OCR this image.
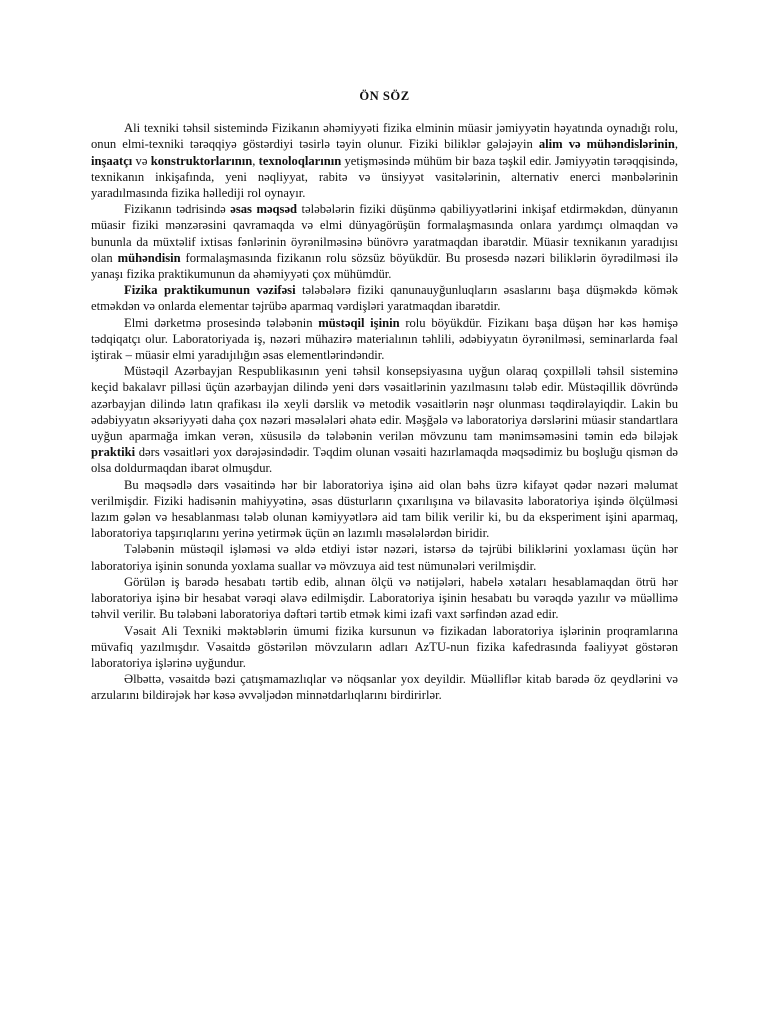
ÖN SÖZ

Ali texniki təhsil sistemində Fizikanın əhəmiyyəti fizika elminin müasir jəmiyyətin həyatında oynadığı rolu, onun elmi-texniki tərəqqiyə göstərdiyi təsirlə təyin olunur. Fiziki biliklər gələjəyin alim və mühəndislərinin, inşaatçı və konstruktorlarının, texnoloqlarının yetişməsində mühüm bir baza təşkil edir. Jəmiyyətin tərəqqisində, texnikanın inkişafında, yeni nəqliyyat, rabitə və ünsiyyət vasitələrinin, alternativ enerci mənbələrinin yaradılmasında fizika həllediji rol oynayır.

Fizikanın tədrisində əsas məqsəd tələbələrin fiziki düşünmə qabiliyyətlərini inkişaf etdirməkdən, dünyanın müasir fiziki mənzərəsini qavramaqda və elmi dünyagörüşün formalaşmasında onlara yardımçı olmaqdan və bununla da müxtəlif ixtisas fənlərinin öyrənilməsinə bünövrə yaratmaqdan ibarətdir. Müasir texnikanın yaradıjısı olan mühəndisin formalaşmasında fizikanın rolu sözsüz böyükdür. Bu prosesdə nəzəri biliklərin öyrədilməsi ilə yanaşı fizika praktikumunun da əhəmiyyəti çox mühümdür.

Fizika praktikumunun vəzifəsi tələbələrə fiziki qanunauyğunluqların əsaslarını başa düşməkdə kömək etməkdən və onlarda elementar təjrübə aparmaq vərdişləri yaratmaqdan ibarətdir.

Elmi dərketmə prosesində tələbənin müstəqil işinin rolu böyükdür. Fizikanı başa düşən hər kəs həmişə tədqiqatçı olur. Laboratoriyada iş, nəzəri mühazirə materialının təhlili, ədəbiyyatın öyrənilməsi, seminarlarda fəal iştirak – müasir elmi yaradıjılığın əsas elementlərindəndir.

Müstəqil Azərbayjan Respublikasının yeni təhsil konsepsiyasına uyğun olaraq çoxpilləli təhsil sisteminə keçid bakalavr pilləsi üçün azərbayjan dilində yeni dərs vəsaitlərinin yazılmasını tələb edir. Müstəqillik dövründə azərbayjan dilində latın qrafikası ilə xeyli dərslik və metodik vəsaitlərin nəşr olunması təqdirəlayiqdir. Lakin bu ədəbiyyatın əksəriyyəti daha çox nəzəri məsələləri əhatə edir. Məşğələ və laboratoriya dərslərini müasir standartlara uyğun aparmağa imkan verən, xüsusilə də tələbənin verilən mövzunu tam mənimsəməsini təmin edə biləjək praktiki dərs vəsaitləri yox dərəjəsindədir. Təqdim olunan vəsaiti hazırlamaqda məqsədimiz bu boşluğu qismən də olsa doldurmaqdan ibarət olmuşdur.

Bu məqsədlə dərs vəsaitində hər bir laboratoriya işinə aid olan bəhs üzrə kifayət qədər nəzəri məlumat verilmişdir. Fiziki hadisənin mahiyyətinə, əsas düsturların çıxarılışına və bilavasitə laboratoriya işində ölçülməsi lazım gələn və hesablanması tələb olunan kəmiyyətlərə aid tam bilik verilir ki, bu da eksperiment işini aparmaq, laboratoriya tapşırıqlarını yerinə yetirmək üçün ən lazımlı məsələlərdən biridir.

Tələbənin müstəqil işləməsi və əldə etdiyi istər nəzəri, istərsə də təjrübi biliklərini yoxlaması üçün hər laboratoriya işinin sonunda yoxlama suallar və mövzuya aid test nümunələri verilmişdir.

Görülən iş barədə hesabatı tərtib edib, alınan ölçü və nətijələri, habelə xətaları hesablamaqdan ötrü hər laboratoriya işinə bir hesabat vərəqi əlavə edilmişdir. Laboratoriya işinin hesabatı bu vərəqdə yazılır və müəllimə təhvil verilir. Bu tələbəni laboratoriya dəftəri tərtib etmək kimi izafi vaxt sərfindən azad edir.

Vəsait Ali Texniki məktəblərin ümumi fizika kursunun və fizikadan laboratoriya işlərinin proqramlarına müvafiq yazılmışdır. Vəsaitdə göstərilən mövzuların adları AzTU-nun fizika kafedrasında fəaliyyət göstərən laboratoriya işlərinə uyğundur.

Əlbəttə, vəsaitdə bəzi çatışmamazlıqlar və nöqsanlar yox deyildir. Müəlliflər kitab barədə öz qeydlərini və arzularını bildirəjək hər kəsə əvvəljədən minnətdarlıqlarını birdirirlər.
